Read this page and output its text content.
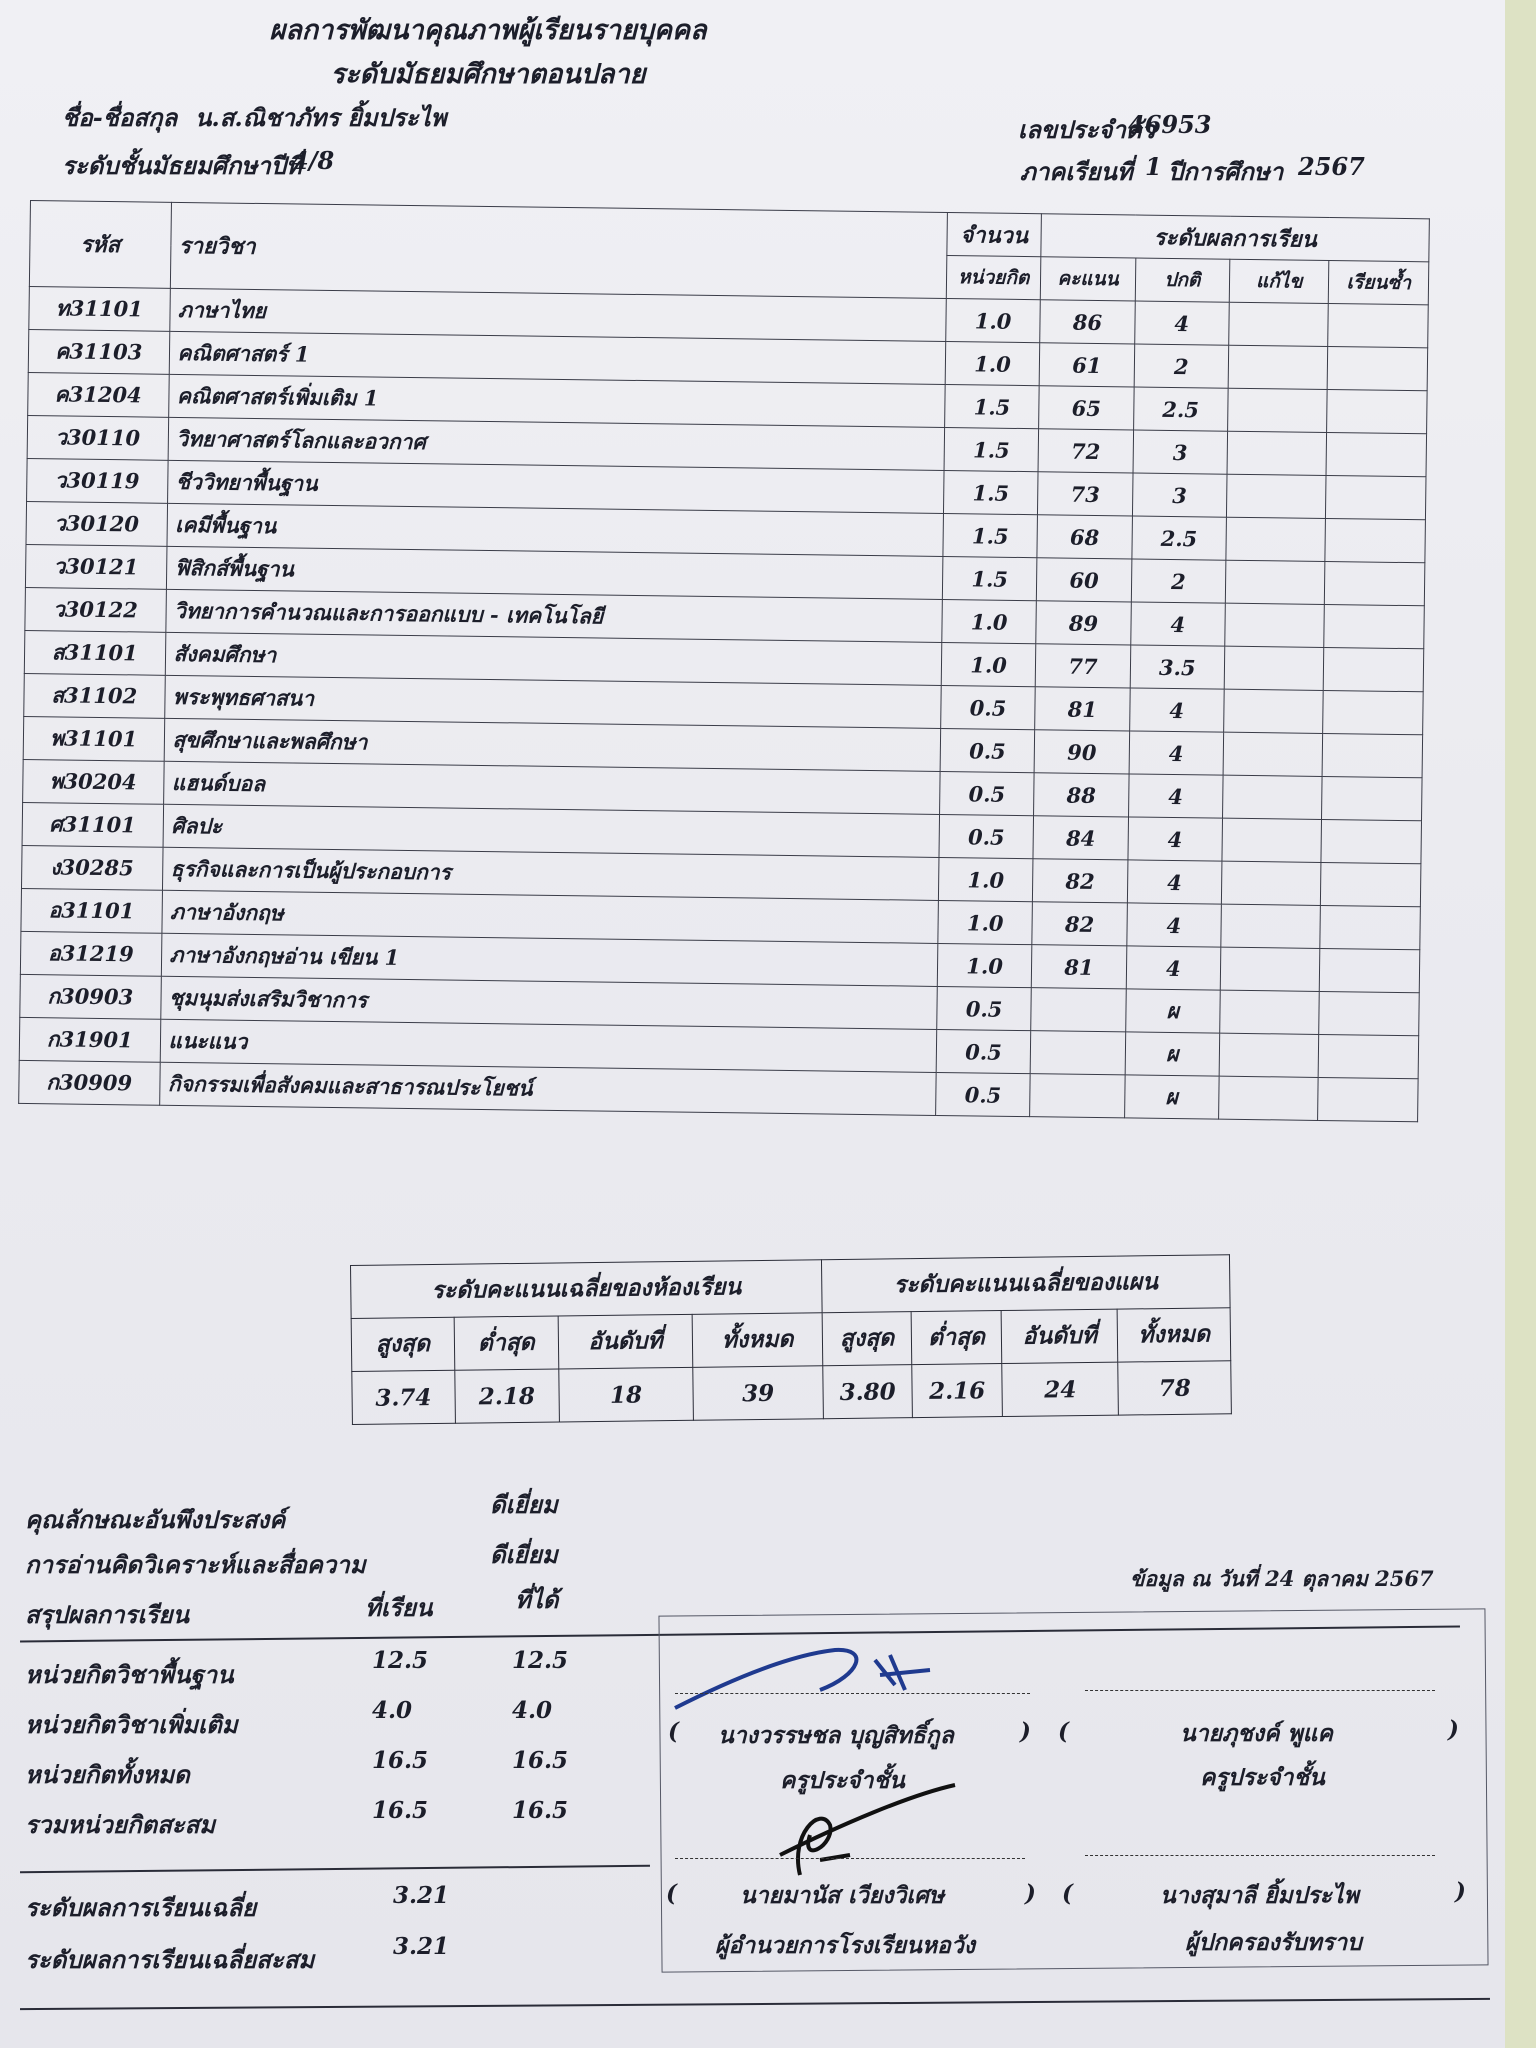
ผลการพัฒนาคุณภาพผู้เรียนรายบุคคล
ระดับมัธยมศึกษาตอนปลาย
ชื่อ-ชื่อสกุล น.ส.ณิชาภัทร ยิ้มประไพ
ระดับชั้นมัธยมศึกษาปีที่
4/8
เลขประจำตัว
46953
ภาคเรียนที่ 1 ปีการศึกษา 2567
รหัส	รายวิชา	จำนวน	ระดับผลการเรียน			
		หน่วยกิต	คะแนน	ปกติ	แก้ไข	เรียนซ้ำ
ท31101	ภาษาไทย	1.0	86	4		
ค31103	คณิตศาสตร์ 1	1.0	61	2		
ค31204	คณิตศาสตร์เพิ่มเติม 1	1.5	65	2.5		
ว30110	วิทยาศาสตร์โลกและอวกาศ	1.5	72	3		
ว30119	ชีววิทยาพื้นฐาน	1.5	73	3		
ว30120	เคมีพื้นฐาน	1.5	68	2.5		
ว30121	ฟิสิกส์พื้นฐาน	1.5	60	2		
ว30122	วิทยาการคำนวณและการออกแบบ - เทคโนโลยี	1.0	89	4		
ส31101	สังคมศึกษา	1.0	77	3.5		
ส31102	พระพุทธศาสนา	0.5	81	4		
พ31101	สุขศึกษาและพลศึกษา	0.5	90	4		
พ30204	แฮนด์บอล	0.5	88	4		
ศ31101	ศิลปะ	0.5	84	4		
ง30285	ธุรกิจและการเป็นผู้ประกอบการ	1.0	82	4		
อ31101	ภาษาอังกฤษ	1.0	82	4		
อ31219	ภาษาอังกฤษอ่าน เขียน 1	1.0	81	4		
ก30903	ชุมนุมส่งเสริมวิชาการ	0.5		ผ		
ก31901	แนะแนว	0.5		ผ		
ก30909	กิจกรรมเพื่อสังคมและสาธารณประโยชน์	0.5		ผ		
ระดับคะแนนเฉลี่ยของห้องเรียน				ระดับคะแนนเฉลี่ยของแผน			
สูงสุด	ต่ำสุด	อันดับที่	ทั้งหมด	สูงสุด	ต่ำสุด	อันดับที่	ทั้งหมด
3.74	2.18	18	39	3.80	2.16	24	78
คุณลักษณะอันพึงประสงค์
ดีเยี่ยม
การอ่านคิดวิเคราะห์และสื่อความ	ดีเยี่ยม
สรุปผลการเรียน	ที่เรียน	ที่ได้
ข้อมูล ณ วันที่ 24 ตุลาคม 2567
หน่วยกิตวิชาพื้นฐาน	12.5	12.5
หน่วยกิตวิชาเพิ่มเติม	4.0	4.0
หน่วยกิตทั้งหมด	16.5	16.5
รวมหน่วยกิตสะสม	16.5	16.5
ระดับผลการเรียนเฉลี่ย	3.21
ระดับผลการเรียนเฉลี่ยสะสม	3.21
( นางวรรษชล บุญสิทธิ์กูล	)
ครูประจำชั้น
(	นายภุชงค์ พูแค	)
ครูประจำชั้น
(	นายมานัส เวียงวิเศษ	)
ผู้อำนวยการโรงเรียนหอวัง
(	นางสุมาลี ยิ้มประไพ	)
ผู้ปกครองรับทราบ
